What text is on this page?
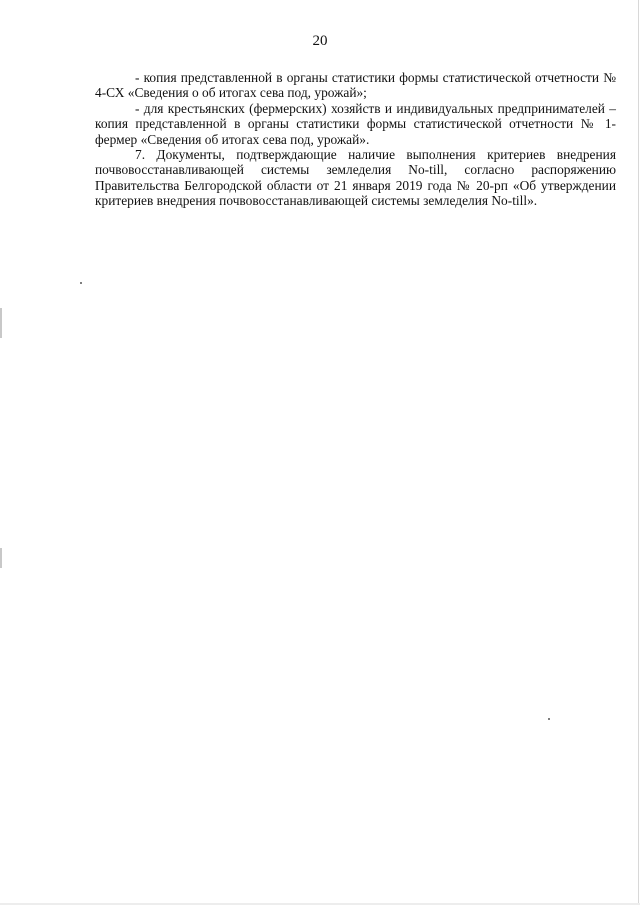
20

- копия представленной в органы статистики формы статистической отчетности № 4-СХ «Сведения о об итогах сева под, урожай»;

- для крестьянских (фермерских) хозяйств и индивидуальных предпринимателей – копия представленной в органы статистики формы статистической отчетности № 1-фермер «Сведения об итогах сева под, урожай».

7. Документы, подтверждающие наличие выполнения критериев внедрения почвовосстанавливающей системы земледелия No-till, согласно распоряжению Правительства Белгородской области от 21 января 2019 года № 20-рп «Об утверждении критериев внедрения почвовосстанавливающей системы земледелия No-till».
